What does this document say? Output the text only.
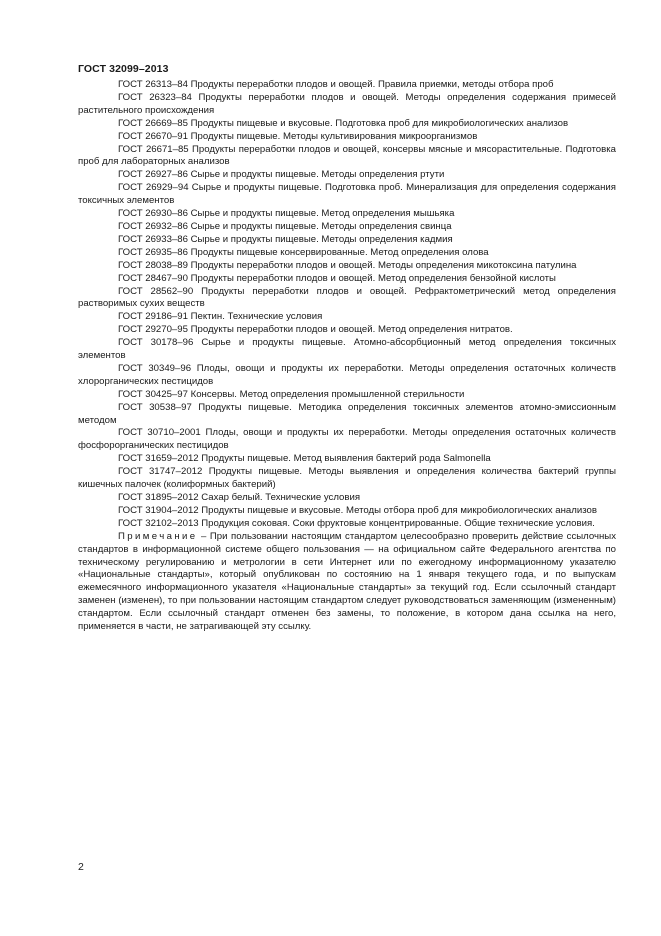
ГОСТ 32099–2013

ГОСТ 26313–84 Продукты переработки плодов и овощей. Правила приемки, методы отбора проб

ГОСТ 26323–84 Продукты переработки плодов и овощей. Методы определения содержания примесей растительного происхождения

ГОСТ 26669–85 Продукты пищевые и вкусовые. Подготовка проб для микробиологических анализов

ГОСТ 26670–91 Продукты пищевые. Методы культивирования микроорганизмов

ГОСТ 26671–85 Продукты переработки плодов и овощей, консервы мясные и мясорастительные. Подготовка проб для лабораторных анализов

ГОСТ 26927–86 Сырье и продукты пищевые. Методы определения ртути

ГОСТ 26929–94 Сырье и продукты пищевые. Подготовка проб. Минерализация для определения содержания токсичных элементов

ГОСТ 26930–86 Сырье и продукты пищевые. Метод определения мышьяка

ГОСТ 26932–86 Сырье и продукты пищевые. Методы определения свинца

ГОСТ 26933–86 Сырье и продукты пищевые. Методы определения кадмия

ГОСТ 26935–86 Продукты пищевые консервированные. Метод определения олова

ГОСТ 28038–89 Продукты переработки плодов и овощей. Методы определения микотоксина патулина

ГОСТ 28467–90 Продукты переработки плодов и овощей. Метод определения бензойной кислоты

ГОСТ 28562–90 Продукты переработки плодов и овощей. Рефрактометрический метод определения растворимых сухих веществ

ГОСТ 29186–91 Пектин. Технические условия

ГОСТ 29270–95 Продукты переработки плодов и овощей. Метод определения нитратов.

ГОСТ 30178–96 Сырье и продукты пищевые. Атомно-абсорбционный метод определения токсичных элементов

ГОСТ 30349–96 Плоды, овощи и продукты их переработки. Методы определения остаточных количеств хлорорганических пестицидов

ГОСТ 30425–97 Консервы. Метод определения промышленной стерильности

ГОСТ 30538–97 Продукты пищевые. Методика определения токсичных элементов атомно-эмиссионным методом

ГОСТ 30710–2001 Плоды, овощи и продукты их переработки. Методы определения остаточных количеств фосфорорганических пестицидов

ГОСТ 31659–2012 Продукты пищевые. Метод выявления бактерий рода Salmonella

ГОСТ 31747–2012 Продукты пищевые. Методы выявления и определения количества бактерий группы кишечных палочек (колиформных бактерий)

ГОСТ 31895–2012 Сахар белый. Технические условия

ГОСТ 31904–2012 Продукты пищевые и вкусовые. Методы отбора проб для микробиологических анализов

ГОСТ 32102–2013 Продукция соковая. Соки фруктовые концентрированные. Общие технические условия.

Примечание – При пользовании настоящим стандартом целесообразно проверить действие ссылочных стандартов в информационной системе общего пользования — на официальном сайте Федерального агентства по техническому регулированию и метрологии в сети Интернет или по ежегодному информационному указателю «Национальные стандарты», который опубликован по состоянию на 1 января текущего года, и по выпускам ежемесячного информационного указателя «Национальные стандарты» за текущий год. Если ссылочный стандарт заменен (изменен), то при пользовании настоящим стандартом следует руководствоваться заменяющим (измененным) стандартом. Если ссылочный стандарт отменен без замены, то положение, в котором дана ссылка на него, применяется в части, не затрагивающей эту ссылку.

2
